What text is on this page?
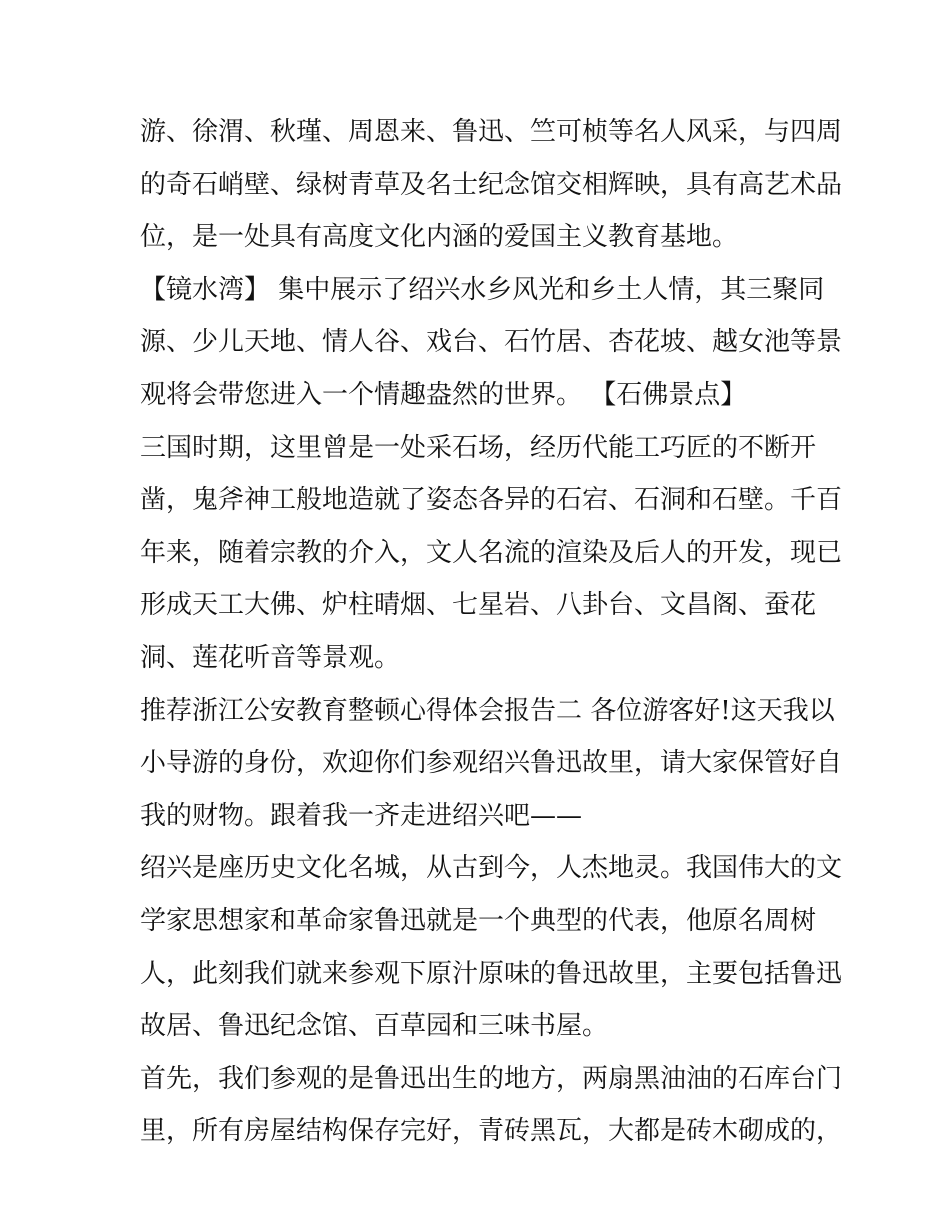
游、徐渭、秋瑾、周恩来、鲁迅、竺可桢等名人风采，与四周
的奇石峭壁、绿树青草及名士纪念馆交相辉映，具有高艺术品
位，是一处具有高度文化内涵的爱国主义教育基地。
【镜水湾】 集中展示了绍兴水乡风光和乡土人情，其三聚同
源、少儿天地、情人谷、戏台、石竹居、杏花坡、越女池等景
观将会带您进入一个情趣盎然的世界。 【石佛景点】
三国时期，这里曾是一处采石场，经历代能工巧匠的不断开
凿，鬼斧神工般地造就了姿态各异的石宕、石洞和石壁。千百
年来，随着宗教的介入，文人名流的渲染及后人的开发，现已
形成天工大佛、炉柱晴烟、七星岩、八卦台、文昌阁、蚕花
洞、莲花听音等景观。
推荐浙江公安教育整顿心得体会报告二 各位游客好!这天我以
小导游的身份，欢迎你们参观绍兴鲁迅故里，请大家保管好自
我的财物。跟着我一齐走进绍兴吧——
绍兴是座历史文化名城，从古到今，人杰地灵。我国伟大的文
学家思想家和革命家鲁迅就是一个典型的代表，他原名周树
人，此刻我们就来参观下原汁原味的鲁迅故里，主要包括鲁迅
故居、鲁迅纪念馆、百草园和三味书屋。
首先，我们参观的是鲁迅出生的地方，两扇黑油油的石库台门
里，所有房屋结构保存完好，青砖黑瓦，大都是砖木砌成的，
